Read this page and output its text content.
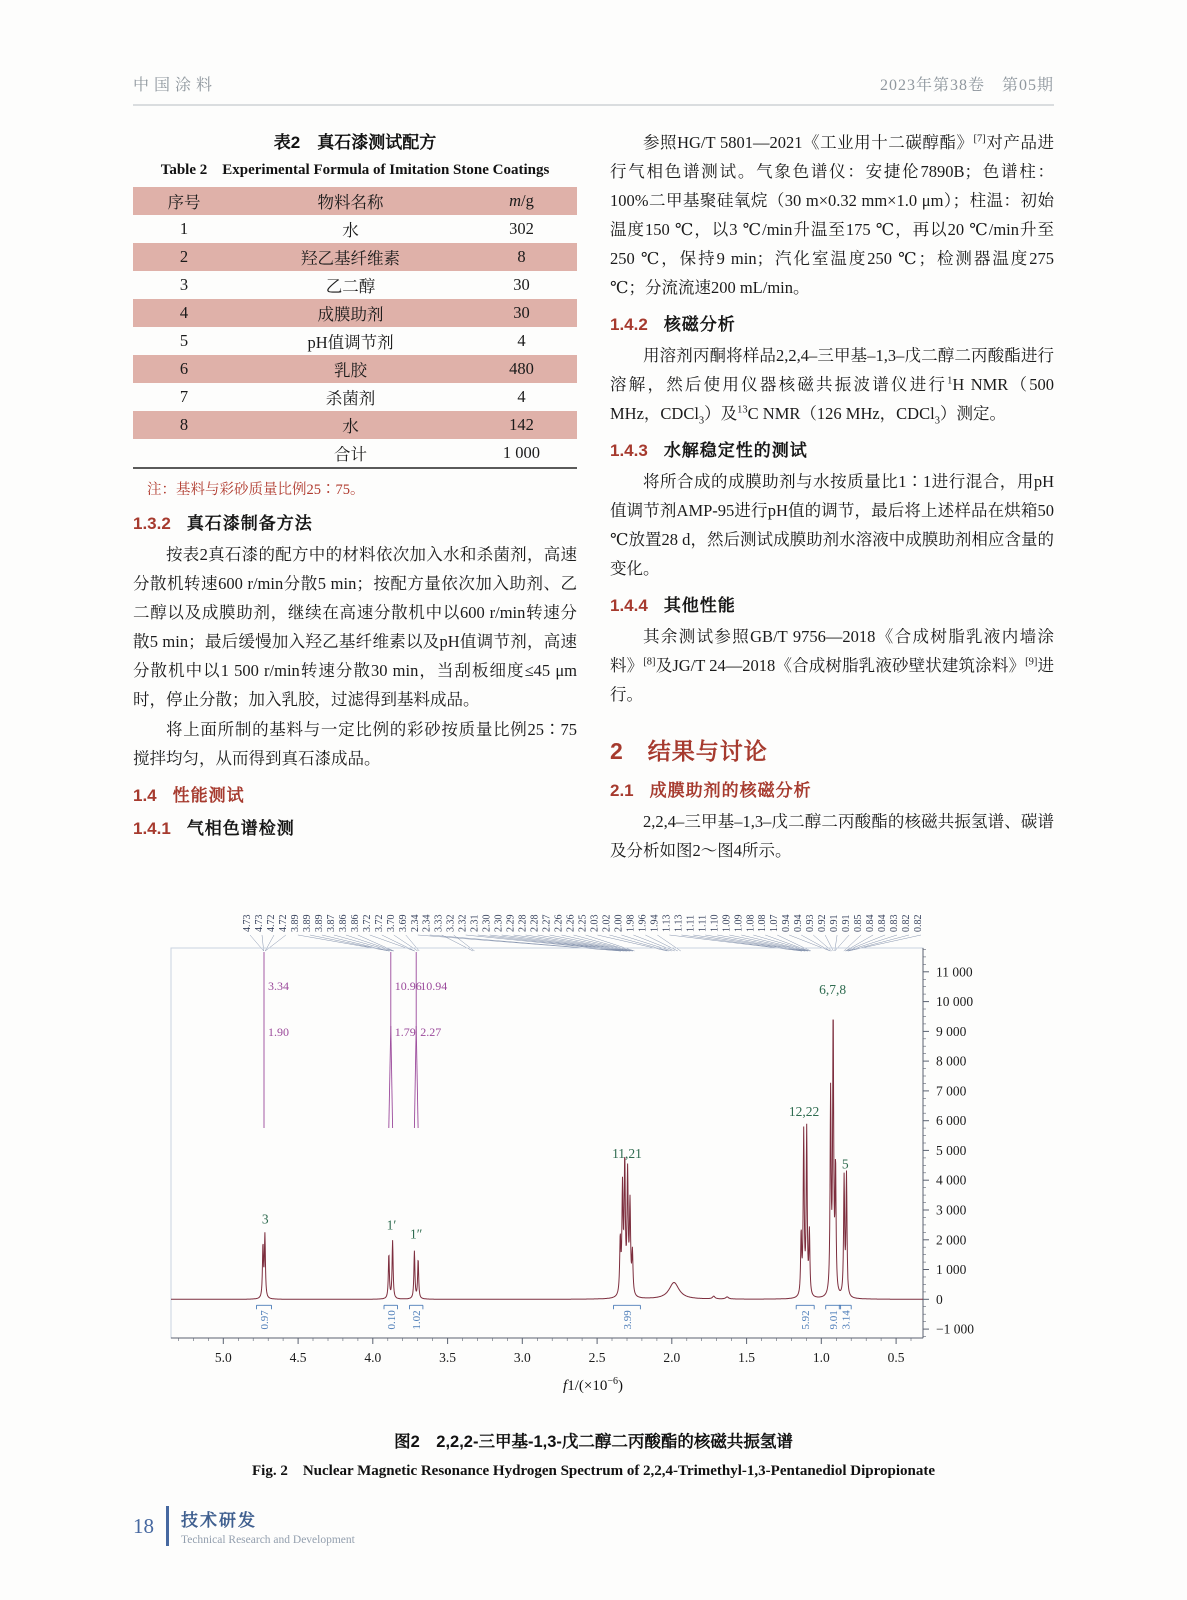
中国涂料	2023年第38卷　第05期
表2　真石漆测试配方
Table 2　Experimental Formula of Imitation Stone Coatings
序号	物料名称	m/g
1	水	302
2	羟乙基纤维素	8
3	乙二醇	30
4	成膜助剂	30
5	pH值调节剂	4
6	乳胶	480
7	杀菌剂	4
8	水	142
	合计	1 000
注：基料与彩砂质量比例25∶75。
1.3.2 真石漆制备方法

按表2真石漆的配方中的材料依次加入水和杀菌剂，高速分散机转速600 r/min分散5 min；按配方量依次加入助剂、乙二醇以及成膜助剂，继续在高速分散机中以600 r/min转速分散5 min；最后缓慢加入羟乙基纤维素以及pH值调节剂，高速分散机中以1 500 r/min转速分散30 min，当刮板细度≤45 μm时，停止分散；加入乳胶，过滤得到基料成品。

将上面所制的基料与一定比例的彩砂按质量比例25∶75搅拌均匀，从而得到真石漆成品。

1.4 性能测试
1.4.1 气相色谱检测

参照HG/T 5801—2021《工业用十二碳醇酯》[7]对产品进行气相色谱测试。气象色谱仪：安捷伦7890B；色谱柱：100%二甲基聚硅氧烷（30 m×0.32 mm×1.0 μm）；柱温：初始温度150 ℃，以3 ℃/min升温至175 ℃，再以20 ℃/min升至250 ℃，保持9 min；汽化室温度250 ℃；检测器温度275 ℃；分流流速200 mL/min。

1.4.2 核磁分析

用溶剂丙酮将样品2,2,4–三甲基–1,3–戊二醇二丙酸酯进行溶解，然后使用仪器核磁共振波谱仪进行$^1$H NMR（500 MHz，CDCl$_3$）及$^{13}$C NMR（126 MHz，CDCl$_3$）测定。

1.4.3 水解稳定性的测试

将所合成的成膜助剂与水按质量比1∶1进行混合，用pH值调节剂AMP-95进行pH值的调节，最后将上述样品在烘箱50 ℃放置28 d，然后测试成膜助剂水溶液中成膜助剂相应含量的变化。

1.4.4 其他性能

其余测试参照GB/T 9756—2018《合成树脂乳液内墙涂料》[8]及JG/T 24—2018《合成树脂乳液砂壁状建筑涂料》[9]进行。

2 结果与讨论
2.1 成膜助剂的核磁分析

2,2,4–三甲基–1,3–戊二醇二丙酸酯的核磁共振氢谱、碳谱及分析如图2～图4所示。

4.73 4.73 4.72 4.72 3.89 3.89 3.89 3.87 3.86 3.86 3.72 3.72 3.70 3.69 2.34 2.34 3.33 3.32 2.32 2.31 2.30 2.30 2.29 2.28 2.28 2.27 2.26 2.26 2.25 2.03 2.02 2.00 1.98 1.96 1.94 1.13 1.13 1.11 1.11 1.10 1.09 1.09 1.08 1.08 1.07 0.94 0.94 0.93 0.92 0.91 0.91 0.85 0.84 0.84 0.83 0.82 0.82
3.34
1.90
10.96
1.79
10.94
2.27
3	1′
1″
11,21
12,22
6,7,8
5
0.97	0.10 1.02	3.99	5.92 9.01 3.14
5.0	4.5	4.0	3.5	3.0	2.5	2.0	1.5	1.0	0.5
11 000
10 000
9 000
8 000
7 000
6 000
5 000
4 000
3 000
2 000
1 000
0
−1 000
$f1/(\times 10^{-6})$
图2　2,2,2-三甲基-1,3-戊二醇二丙酸酯的核磁共振氢谱
Fig. 2　Nuclear Magnetic Resonance Hydrogen Spectrum of 2,2,4-Trimethyl-1,3-Pentanediol Dipropionate
18 技术研发
Technical Research and Development
